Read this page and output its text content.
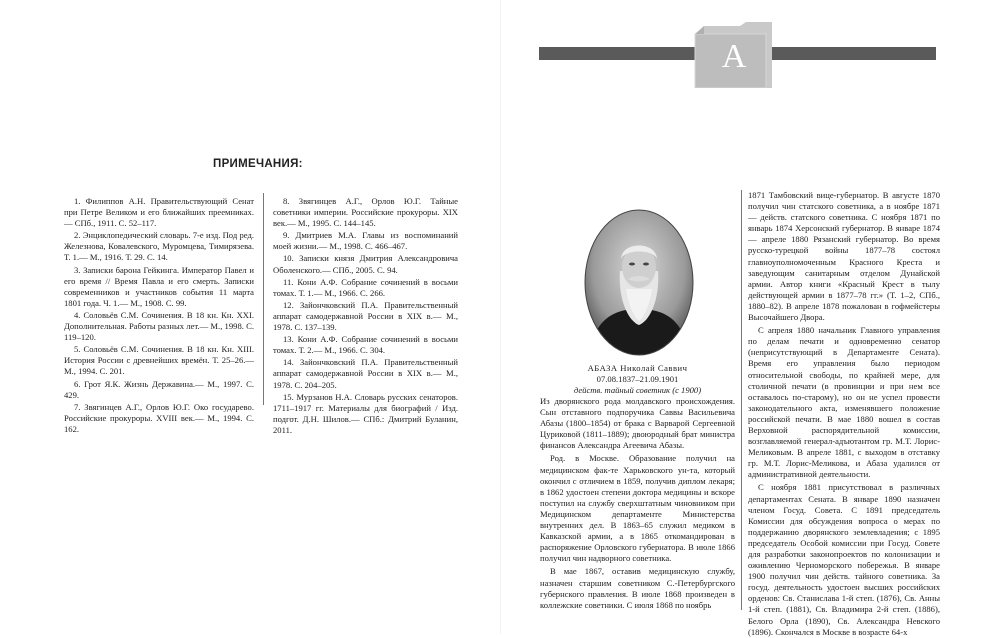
А
ПРИМЕЧАНИЯ:

1. Филиппов А.Н. Правительствующий Сенат при Петре Великом и его ближайших преемниках.— СПб., 1911. С. 52–117.

2. Энциклопедический словарь. 7-е изд. Под ред. Железнова, Ковалевского, Муромцева, Тимирязева. Т. 1.— М., 1916. Т. 29. С. 14.

3. Записки барона Гейкинга. Император Павел и его время // Время Павла и его смерть. Записки современников и участников события 11 марта 1801 года. Ч. 1.— М., 1908. С. 99.

4. Соловьёв С.М. Сочинения. В 18 кн. Кн. XXI. Дополнительная. Работы разных лет.— М., 1998. С. 119–120.

5. Соловьёв С.М. Сочинения. В 18 кн. Кн. XIII. История России с древнейших времён. Т. 25–26.— М., 1994. С. 201.

6. Грот Я.К. Жизнь Державина.— М., 1997. С. 429.

7. Звягинцев А.Г., Орлов Ю.Г. Око государево. Российские прокуроры. XVIII век.— М., 1994. С. 162.

8. Звягинцев А.Г., Орлов Ю.Г. Тайные советники империи. Российские прокуроры. XIX век.— М., 1995. С. 144–145.

9. Дмитриев М.А. Главы из воспоминаний моей жизни.— М., 1998. С. 466–467.

10. Записки князя Дмитрия Александровича Оболенского.— СПб., 2005. С. 94.

11. Кони А.Ф. Собрание сочинений в восьми томах. Т. 1.— М., 1966. С. 266.

12. Зайончковский П.А. Правительственный аппарат самодержавной России в XIX в.— М., 1978. С. 137–139.

13. Кони А.Ф. Собрание сочинений в восьми томах. Т. 2.— М., 1966. С. 304.

14. Зайончковский П.А. Правительственный аппарат самодержавной России в XIX в.— М., 1978. С. 204–205.

15. Мурзанов Н.А. Словарь русских сенаторов. 1711–1917 гг. Материалы для биографий / Изд. подгот. Д.Н. Шилов.— СПб.: Дмитрий Буланин, 2011.

АБАЗА Николай Саввич
07.08.1837–21.09.1901
действ. тайный советник (с 1900)

Из дворянского рода молдавского происхождения. Сын отставного подпоручика Саввы Васильевича Абазы (1800–1854) от брака с Варварой Сергеевной Цуриковой (1811–1889); двоюродный брат министра финансов Александра Агеевича Абазы.

Род. в Москве. Образование получил на медицинском фак-те Харьковского ун-та, который окончил с отличием в 1859, получив диплом лекаря; в 1862 удостоен степени доктора медицины и вскоре поступил на службу сверхштатным чиновником при Медицинском департаменте Министерства внутренних дел. В 1863–65 служил медиком в Кавказской армии, а в 1865 откомандирован в распоряжение Орловского губернатора. В июле 1866 получил чин надворного советника.

В мае 1867, оставив медицинскую службу, назначен старшим советником С.-Петербургского губернского правления. В июле 1868 произведен в коллежские советники. С июля 1868 по ноябрь

1871 Тамбовский вице-губернатор. В августе 1870 получил чин статского советника, а в ноябре 1871 — действ. статского советника. С ноября 1871 по январь 1874 Херсонский губернатор. В январе 1874 — апреле 1880 Рязанский губернатор. Во время русско-турецкой войны 1877–78 состоял главноуполномоченным Красного Креста и заведующим санитарным отделом Дунайской армии. Автор книги «Красный Крест в тылу действующей армии в 1877–78 гг.» (Т. 1–2, СПб., 1880–82). В апреле 1878 пожалован в гофмейстеры Высочайшего Двора.

С апреля 1880 начальник Главного управления по делам печати и одновременно сенатор (неприсутствующий в Департаменте Сената). Время его управления было периодом относительной свободы, по крайней мере, для столичной печати (в провинции и при нем все оставалось по-старому), но он не успел провести законодательного акта, изменявшего положение российской печати. В мае 1880 вошел в состав Верховной распорядительной комиссии, возглавляемой генерал-адъютантом гр. М.Т. Лорис-Меликовым. В апреле 1881, с выходом в отставку гр. М.Т. Лорис-Меликова, и Абаза удалился от административной деятельности.

С ноября 1881 присутствовал в различных департаментах Сената. В январе 1890 назначен членом Госуд. Совета. С 1891 председатель Комиссии для обсуждения вопроса о мерах по поддержанию дворянского землевладения; с 1895 председатель Особой комиссии при Госуд. Совете для разработки законопроектов по колонизации и оживлению Черноморского побережья. В январе 1900 получил чин действ. тайного советника. За госуд. деятельность удостоен высших российских орденов: Св. Станислава 1-й степ. (1876), Св. Анны 1-й степ. (1881), Св. Владимира 2-й степ. (1886), Белого Орла (1890), Св. Александра Невского (1896). Скончался в Москве в возрасте 64-х
